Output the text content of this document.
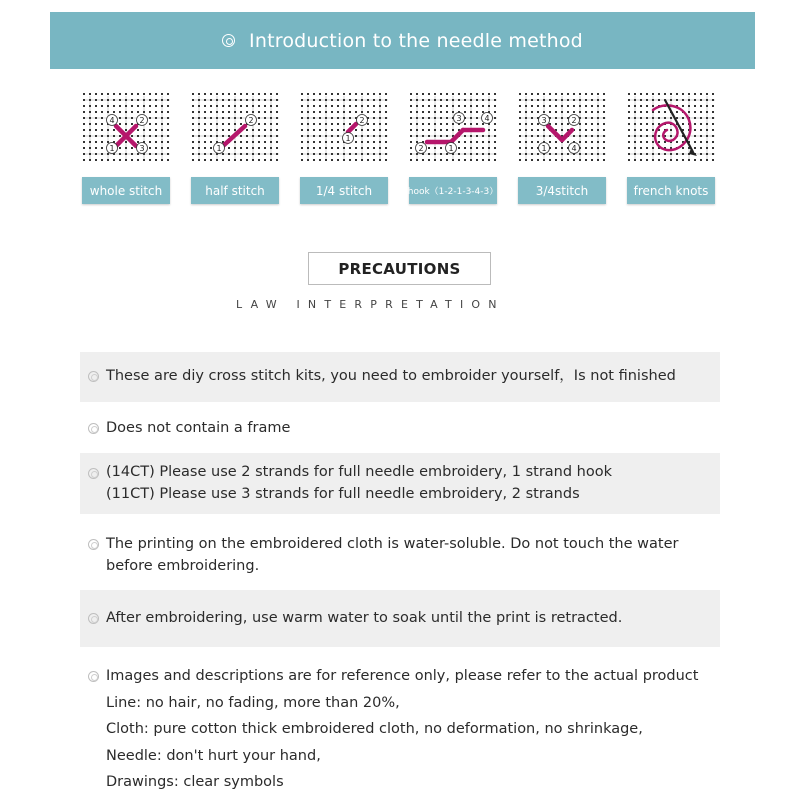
Introduction to the needle method
4	2
1	3
whole stitch
1
2
half stitch
1
2
1/4 stitch
2	1
3	4
hook（1-2-1-3-4-3）
3	2
1	4
3/4stitch	french knots
PRECAUTIONS
LAW INTERPRETATION
These are diy cross stitch kits, you need to embroider yourself，Is not finished
Does not contain a frame
(14CT) Please use 2 strands for full needle embroidery, 1 strand hook
(11CT) Please use 3 strands for full needle embroidery, 2 strands
The printing on the embroidered cloth is water-soluble. Do not touch the water
before embroidering.
After embroidering, use warm water to soak until the print is retracted.
Images and descriptions are for reference only, please refer to the actual product
Line: no hair, no fading, more than 20%,
Cloth: pure cotton thick embroidered cloth, no deformation, no shrinkage,
Needle: don't hurt your hand,
Drawings: clear symbols
